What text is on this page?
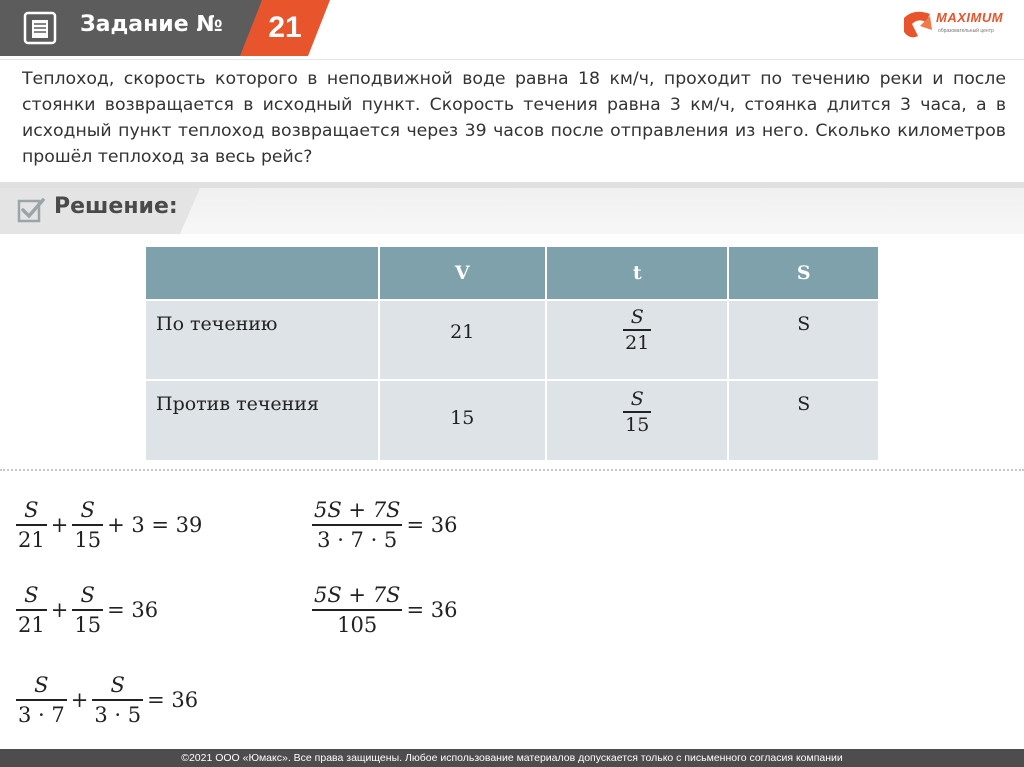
Задание №	21	MAXIMUM
образовательный центр
Теплоход, скорость которого в неподвижной воде равна 18 км/ч, проходит по течению реки и после стоянки возвращается в исходный пункт. Скорость течения равна 3 км/ч, стоянка длится 3 часа, а в исходный пункт теплоход возвращается через 39 часов после отправления из него. Сколько километров прошёл теплоход за весь рейс?
Решение:
	V	t	S
По течению	21	$\frac{S}{21}$	S
Против течения	15	$\frac{S}{15}$	S
$\frac{S}{21} + \frac{S}{15} + 3 = 39$
$\frac{S}{21} + \frac{S}{15} = 36$
$\frac{S}{3 \cdot 7} + \frac{S}{3 \cdot 5} = 36$
$\frac{5S + 7S}{3 \cdot 7 \cdot 5} = 36$
$\frac{5S + 7S}{105} = 36$
©2021 ООО «Юмакс». Все права защищены. Любое использование материалов допускается только с письменного согласия компании
